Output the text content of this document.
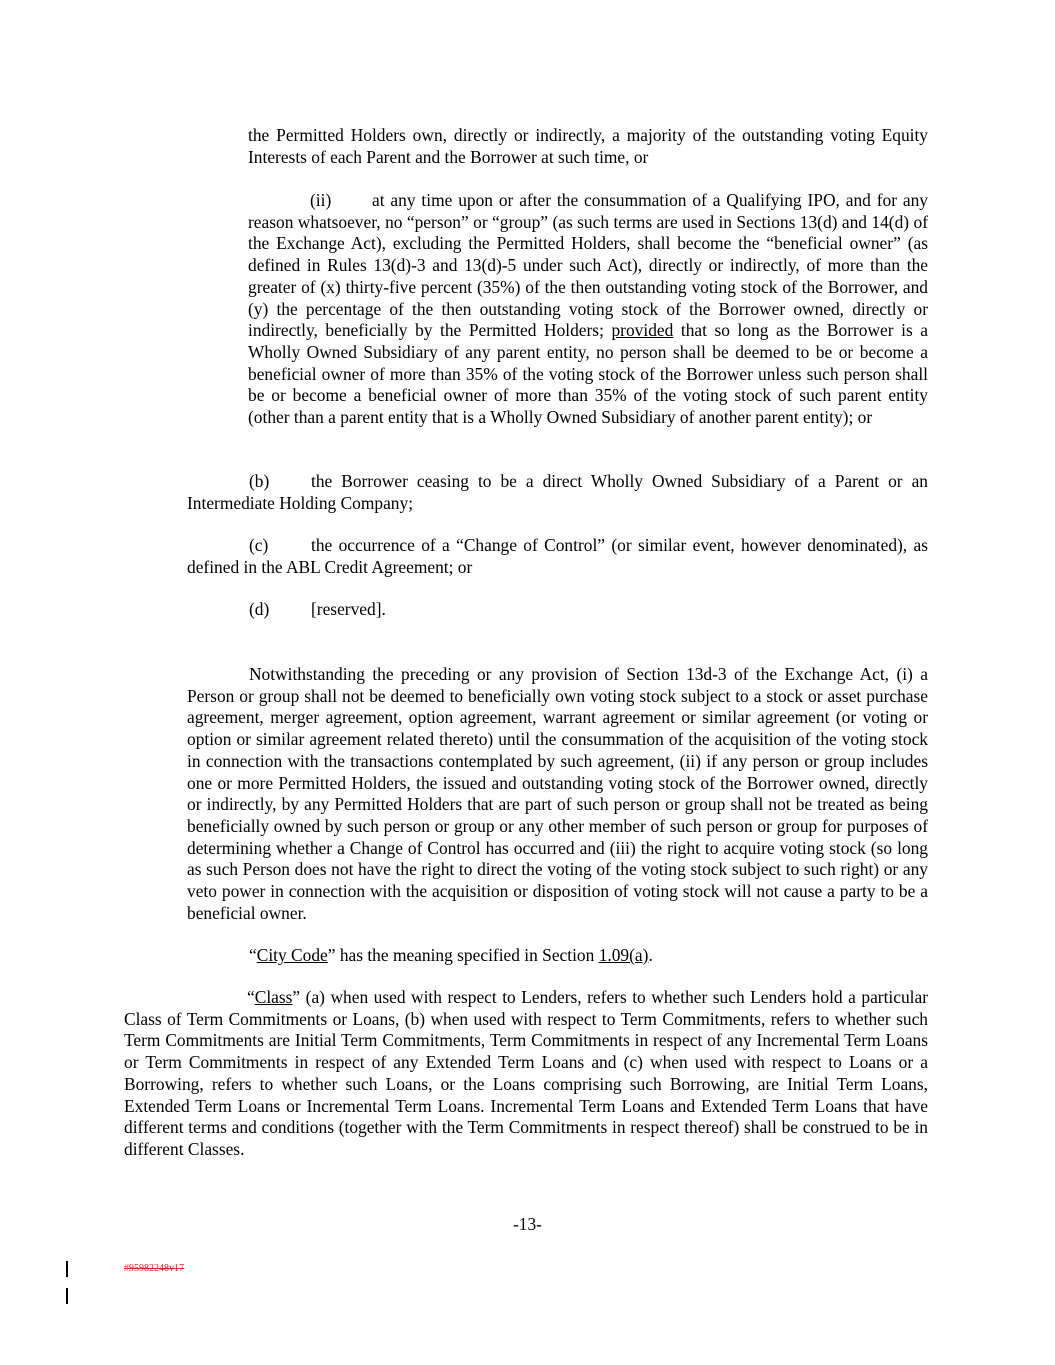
the Permitted Holders own, directly or indirectly, a majority of the outstanding voting Equity Interests of each Parent and the Borrower at such time, or

(ii) at any time upon or after the consummation of a Qualifying IPO, and for any reason whatsoever, no “person” or “group” (as such terms are used in Sections 13(d) and 14(d) of the Exchange Act), excluding the Permitted Holders, shall become the “beneficial owner” (as defined in Rules 13(d)-3 and 13(d)-5 under such Act), directly or indirectly, of more than the greater of (x) thirty-five percent (35%) of the then outstanding voting stock of the Borrower, and (y) the percentage of the then outstanding voting stock of the Borrower owned, directly or indirectly, beneficially by the Permitted Holders; provided that so long as the Borrower is a Wholly Owned Subsidiary of any parent entity, no person shall be deemed to be or become a beneficial owner of more than 35% of the voting stock of the Borrower unless such person shall be or become a beneficial owner of more than 35% of the voting stock of such parent entity (other than a parent entity that is a Wholly Owned Subsidiary of another parent entity); or

(b) the Borrower ceasing to be a direct Wholly Owned Subsidiary of a Parent or an Intermediate Holding Company;

(c) the occurrence of a “Change of Control” (or similar event, however denominated), as defined in the ABL Credit Agreement; or

(d) [reserved].

Notwithstanding the preceding or any provision of Section 13d-3 of the Exchange Act, (i) a Person or group shall not be deemed to beneficially own voting stock subject to a stock or asset purchase agreement, merger agreement, option agreement, warrant agreement or similar agreement (or voting or option or similar agreement related thereto) until the consummation of the acquisition of the voting stock in connection with the transactions contemplated by such agreement, (ii) if any person or group includes one or more Permitted Holders, the issued and outstanding voting stock of the Borrower owned, directly or indirectly, by any Permitted Holders that are part of such person or group shall not be treated as being beneficially owned by such person or group or any other member of such person or group for purposes of determining whether a Change of Control has occurred and (iii) the right to acquire voting stock (so long as such Person does not have the right to direct the voting of the voting stock subject to such right) or any veto power in connection with the acquisition or disposition of voting stock will not cause a party to be a beneficial owner.

“City Code” has the meaning specified in Section 1.09(a).

“Class” (a) when used with respect to Lenders, refers to whether such Lenders hold a particular Class of Term Commitments or Loans, (b) when used with respect to Term Commitments, refers to whether such Term Commitments are Initial Term Commitments, Term Commitments in respect of any Incremental Term Loans or Term Commitments in respect of any Extended Term Loans and (c) when used with respect to Loans or a Borrowing, refers to whether such Loans, or the Loans comprising such Borrowing, are Initial Term Loans, Extended Term Loans or Incremental Term Loans. Incremental Term Loans and Extended Term Loans that have different terms and conditions (together with the Term Commitments in respect thereof) shall be construed to be in different Classes.

-13-
#95982248v17
